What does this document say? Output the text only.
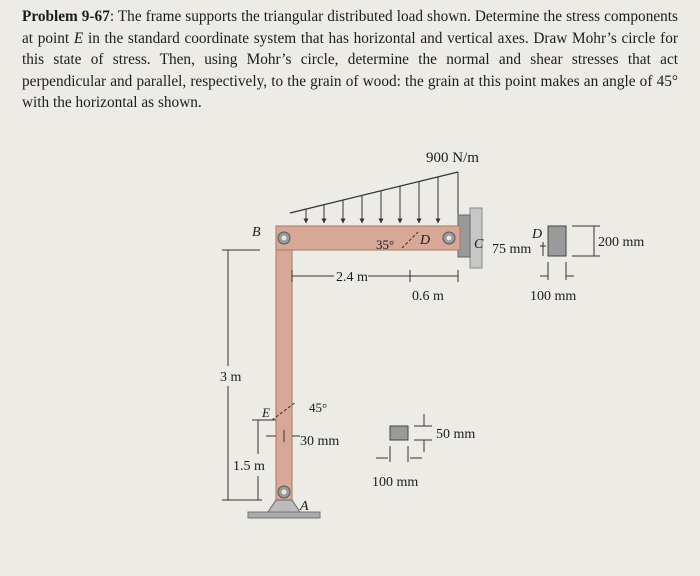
Problem 9-67: The frame supports the triangular distributed load shown. Determine the stress components at point E in the standard coordinate system that has horizontal and vertical axes. Draw Mohr’s circle for this state of stress. Then, using Mohr’s circle, determine the normal and shear stresses that act perpendicular and parallel, respectively, to the grain of wood: the grain at this point makes an angle of 45° with the horizontal as shown.
B
C
D
35°
A
E	45°
2.4 m
0.6 m
3 m
1.5 m
30 mm	50 mm
100 mm
D
75 mm	200 mm
100 mm
900 N/m
